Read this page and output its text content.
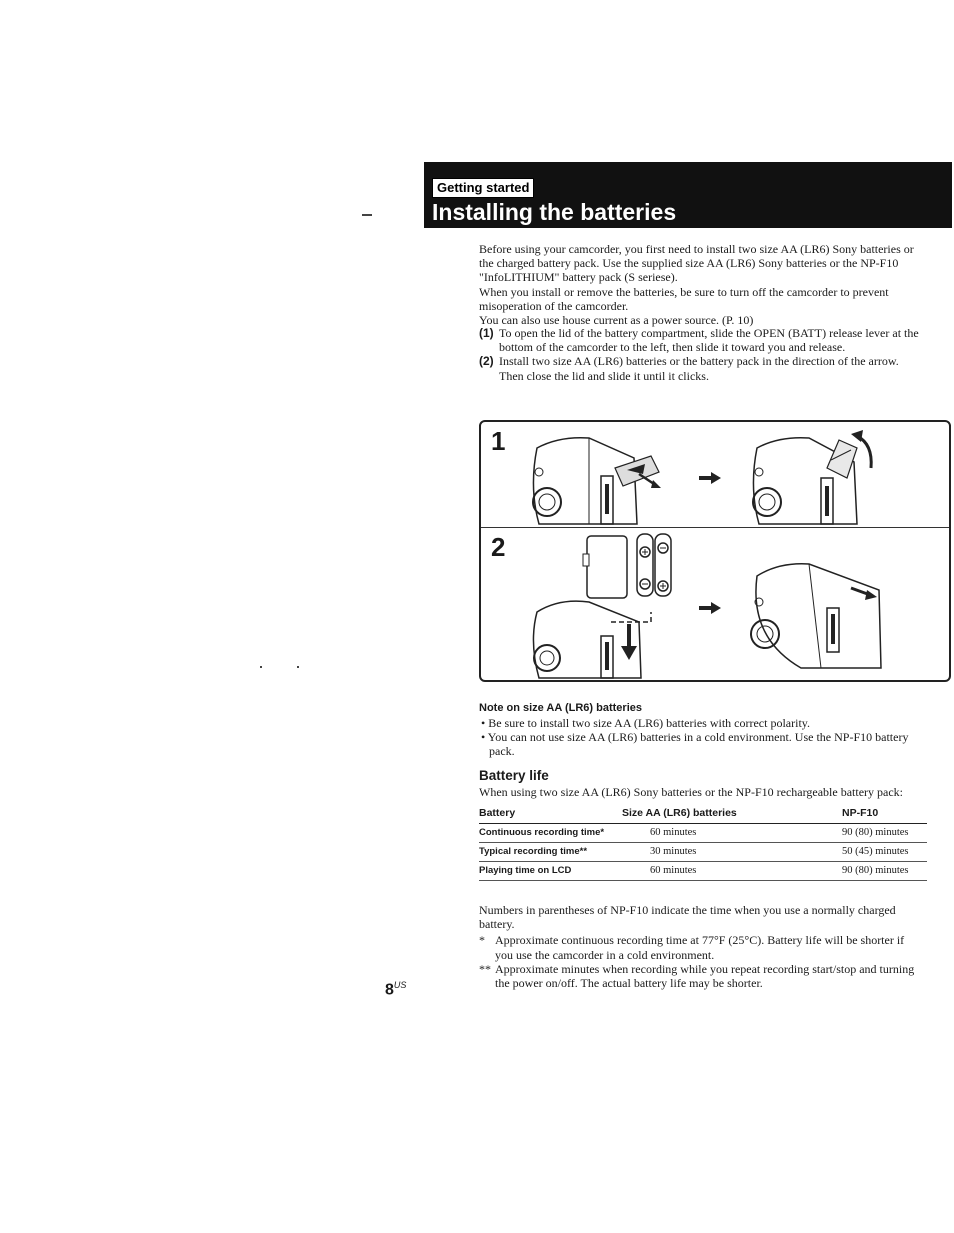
Getting started
Installing the batteries

Before using your camcorder, you first need to install two size AA (LR6) Sony batteries or the charged battery pack. Use the supplied size AA (LR6) Sony batteries or the NP-F10 "InfoLITHIUM" battery pack (S seriese).

When you install or remove the batteries, be sure to turn off the camcorder to prevent misoperation of the camcorder.

You can also use house current as a power source. (P. 10)

(1) To open the lid of the battery compartment, slide the OPEN (BATT) release lever at the bottom of the camcorder to the left, then slide it toward you and release.
(2) Install two size AA (LR6) batteries or the battery pack in the direction of the arrow. Then close the lid and slide it until it clicks.
1
2
Note on size AA (LR6) batteries
• Be sure to install two size AA (LR6) batteries with correct polarity.
• You can not use size AA (LR6) batteries in a cold environment. Use the NP-F10 battery pack.
Battery life
When using two size AA (LR6) Sony batteries or the NP-F10 rechargeable battery pack:
Battery	Size AA (LR6) batteries	NP-F10
Continuous recording time*	60 minutes	90 (80) minutes
Typical recording time**	30 minutes	50 (45) minutes
Playing time on LCD	60 minutes	90 (80) minutes

Numbers in parentheses of NP-F10 indicate the time when you use a normally charged battery.

* Approximate continuous recording time at 77°F (25°C). Battery life will be shorter if you use the camcorder in a cold environment.
** Approximate minutes when recording while you repeat recording start/stop and turning the power on/off. The actual battery life may be shorter.
$8^{US}$
